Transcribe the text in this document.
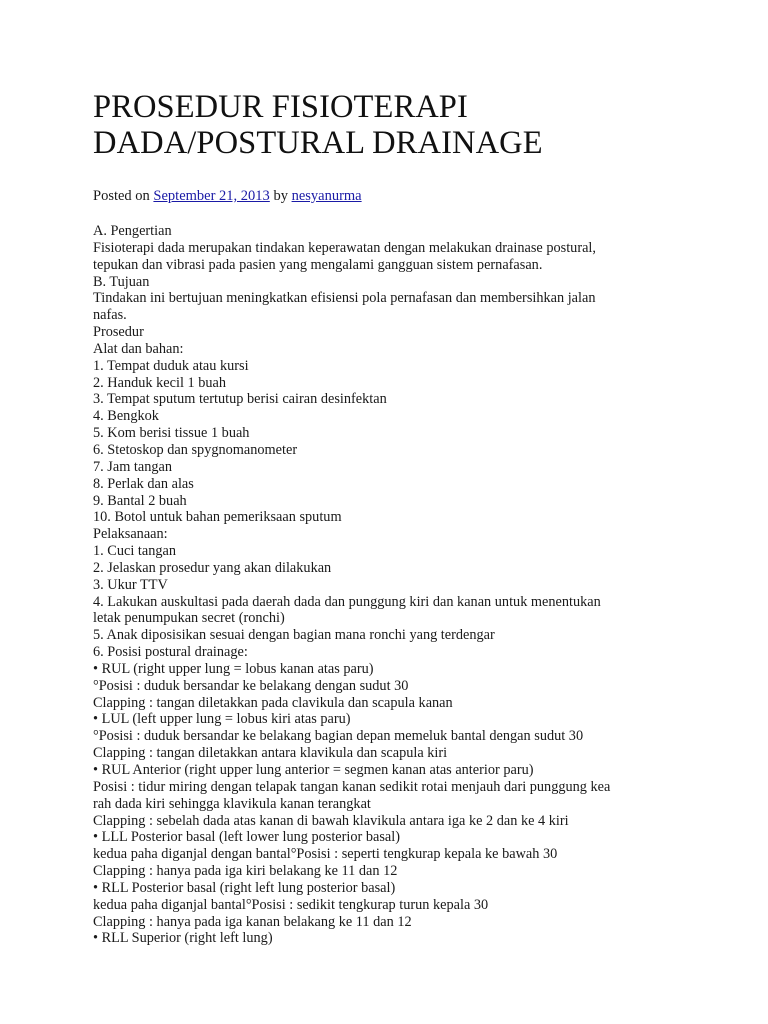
PROSEDUR FISIOTERAPI
DADA/POSTURAL DRAINAGE
Posted on September 21, 2013 by nesyanurma
A. Pengertian
Fisioterapi dada merupakan tindakan keperawatan dengan melakukan drainase postural,
tepukan dan vibrasi pada pasien yang mengalami gangguan sistem pernafasan.
B. Tujuan
Tindakan ini bertujuan meningkatkan efisiensi pola pernafasan dan membersihkan jalan
nafas.
Prosedur
Alat dan bahan:
1. Tempat duduk atau kursi
2. Handuk kecil 1 buah
3. Tempat sputum tertutup berisi cairan desinfektan
4. Bengkok
5. Kom berisi tissue 1 buah
6. Stetoskop dan spygnomanometer
7. Jam tangan
8. Perlak dan alas
9. Bantal 2 buah
10. Botol untuk bahan pemeriksaan sputum
Pelaksanaan:
1. Cuci tangan
2. Jelaskan prosedur yang akan dilakukan
3. Ukur TTV
4. Lakukan auskultasi pada daerah dada dan punggung kiri dan kanan untuk menentukan
letak penumpukan secret (ronchi)
5. Anak diposisikan sesuai dengan bagian mana ronchi yang terdengar
6. Posisi postural drainage:
• RUL (right upper lung = lobus kanan atas paru)
°Posisi : duduk bersandar ke belakang dengan sudut 30
Clapping : tangan diletakkan pada clavikula dan scapula kanan
• LUL (left upper lung = lobus kiri atas paru)
°Posisi : duduk bersandar ke belakang bagian depan memeluk bantal dengan sudut 30
Clapping : tangan diletakkan antara klavikula dan scapula kiri
• RUL Anterior (right upper lung anterior = segmen kanan atas anterior paru)
Posisi : tidur miring dengan telapak tangan kanan sedikit rotai menjauh dari punggung kea
rah dada kiri sehingga klavikula kanan terangkat
Clapping : sebelah dada atas kanan di bawah klavikula antara iga ke 2 dan ke 4 kiri
• LLL Posterior basal (left lower lung posterior basal)
kedua paha diganjal dengan bantal°Posisi : seperti tengkurap kepala ke bawah 30
Clapping : hanya pada iga kiri belakang ke 11 dan 12
• RLL Posterior basal (right left lung posterior basal)
kedua paha diganjal bantal°Posisi : sedikit tengkurap turun kepala 30
Clapping : hanya pada iga kanan belakang ke 11 dan 12
• RLL Superior (right left lung)
